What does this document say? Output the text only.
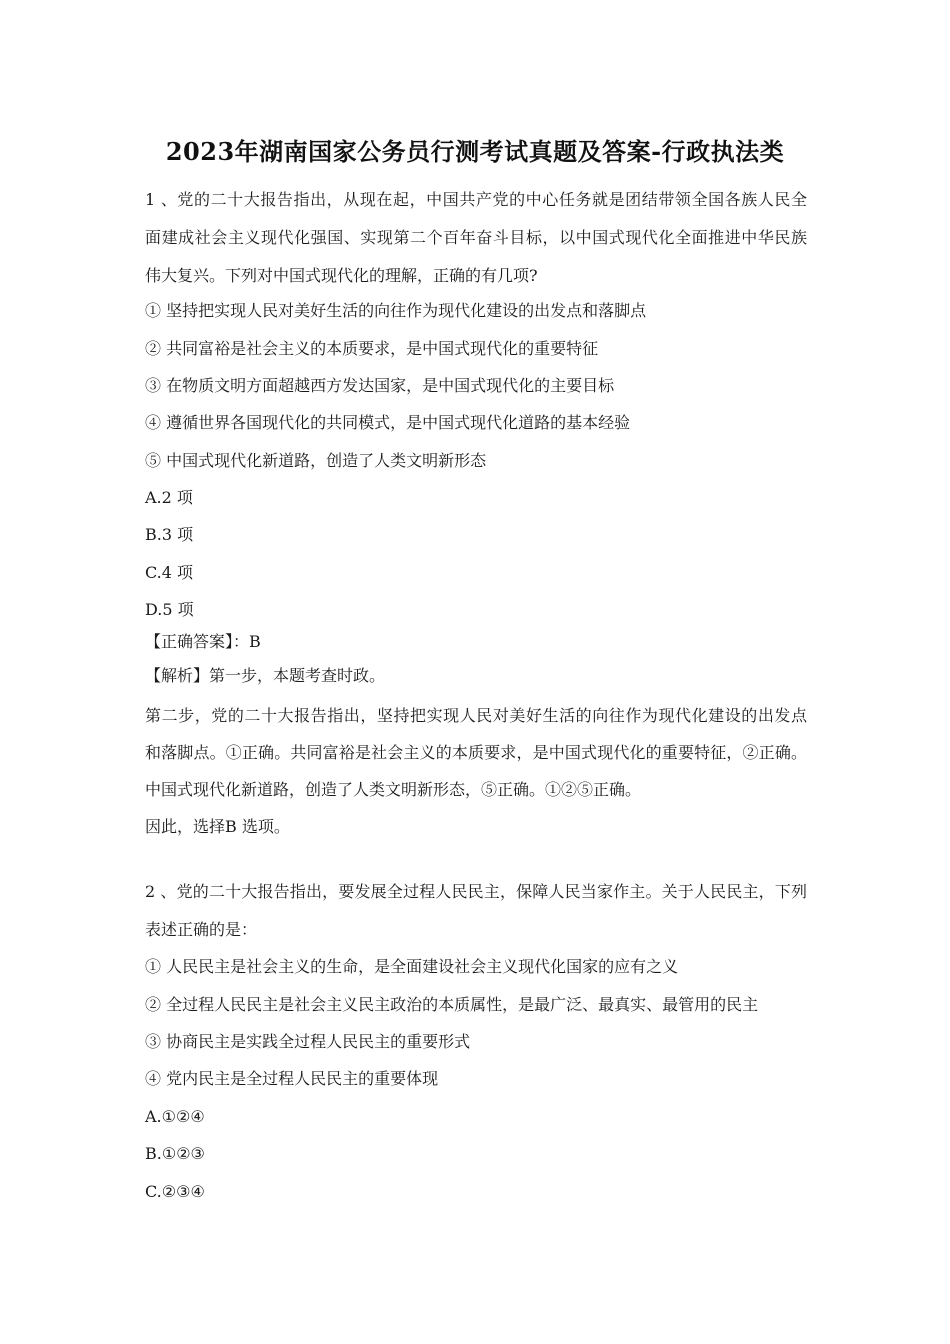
2023年湖南国家公务员行测考试真题及答案-行政执法类
1 、党的二十大报告指出，从现在起，中国共产党的中心任务就是团结带领全国各族人民全
面建成社会主义现代化强国、实现第二个百年奋斗目标，以中国式现代化全面推进中华民族
伟大复兴。下列对中国式现代化的理解，正确的有几项?
① 坚持把实现人民对美好生活的向往作为现代化建设的出发点和落脚点
② 共同富裕是社会主义的本质要求，是中国式现代化的重要特征
③ 在物质文明方面超越西方发达国家，是中国式现代化的主要目标
④ 遵循世界各国现代化的共同模式，是中国式现代化道路的基本经验
⑤ 中国式现代化新道路，创造了人类文明新形态
A.2 项
B.3 项
C.4 项
D.5 项
【正确答案】：B
【解析】第一步，本题考查时政。
第二步，党的二十大报告指出，坚持把实现人民对美好生活的向往作为现代化建设的出发点
和落脚点。①正确。共同富裕是社会主义的本质要求，是中国式现代化的重要特征，②正确。
中国式现代化新道路，创造了人类文明新形态，⑤正确。①②⑤正确。
因此，选择B 选项。
2 、党的二十大报告指出，要发展全过程人民民主，保障人民当家作主。关于人民民主，下列
表述正确的是：
① 人民民主是社会主义的生命，是全面建设社会主义现代化国家的应有之义
② 全过程人民民主是社会主义民主政治的本质属性，是最广泛、最真实、最管用的民主
③ 协商民主是实践全过程人民民主的重要形式
④ 党内民主是全过程人民民主的重要体现
A.①②④
B.①②③
C.②③④
